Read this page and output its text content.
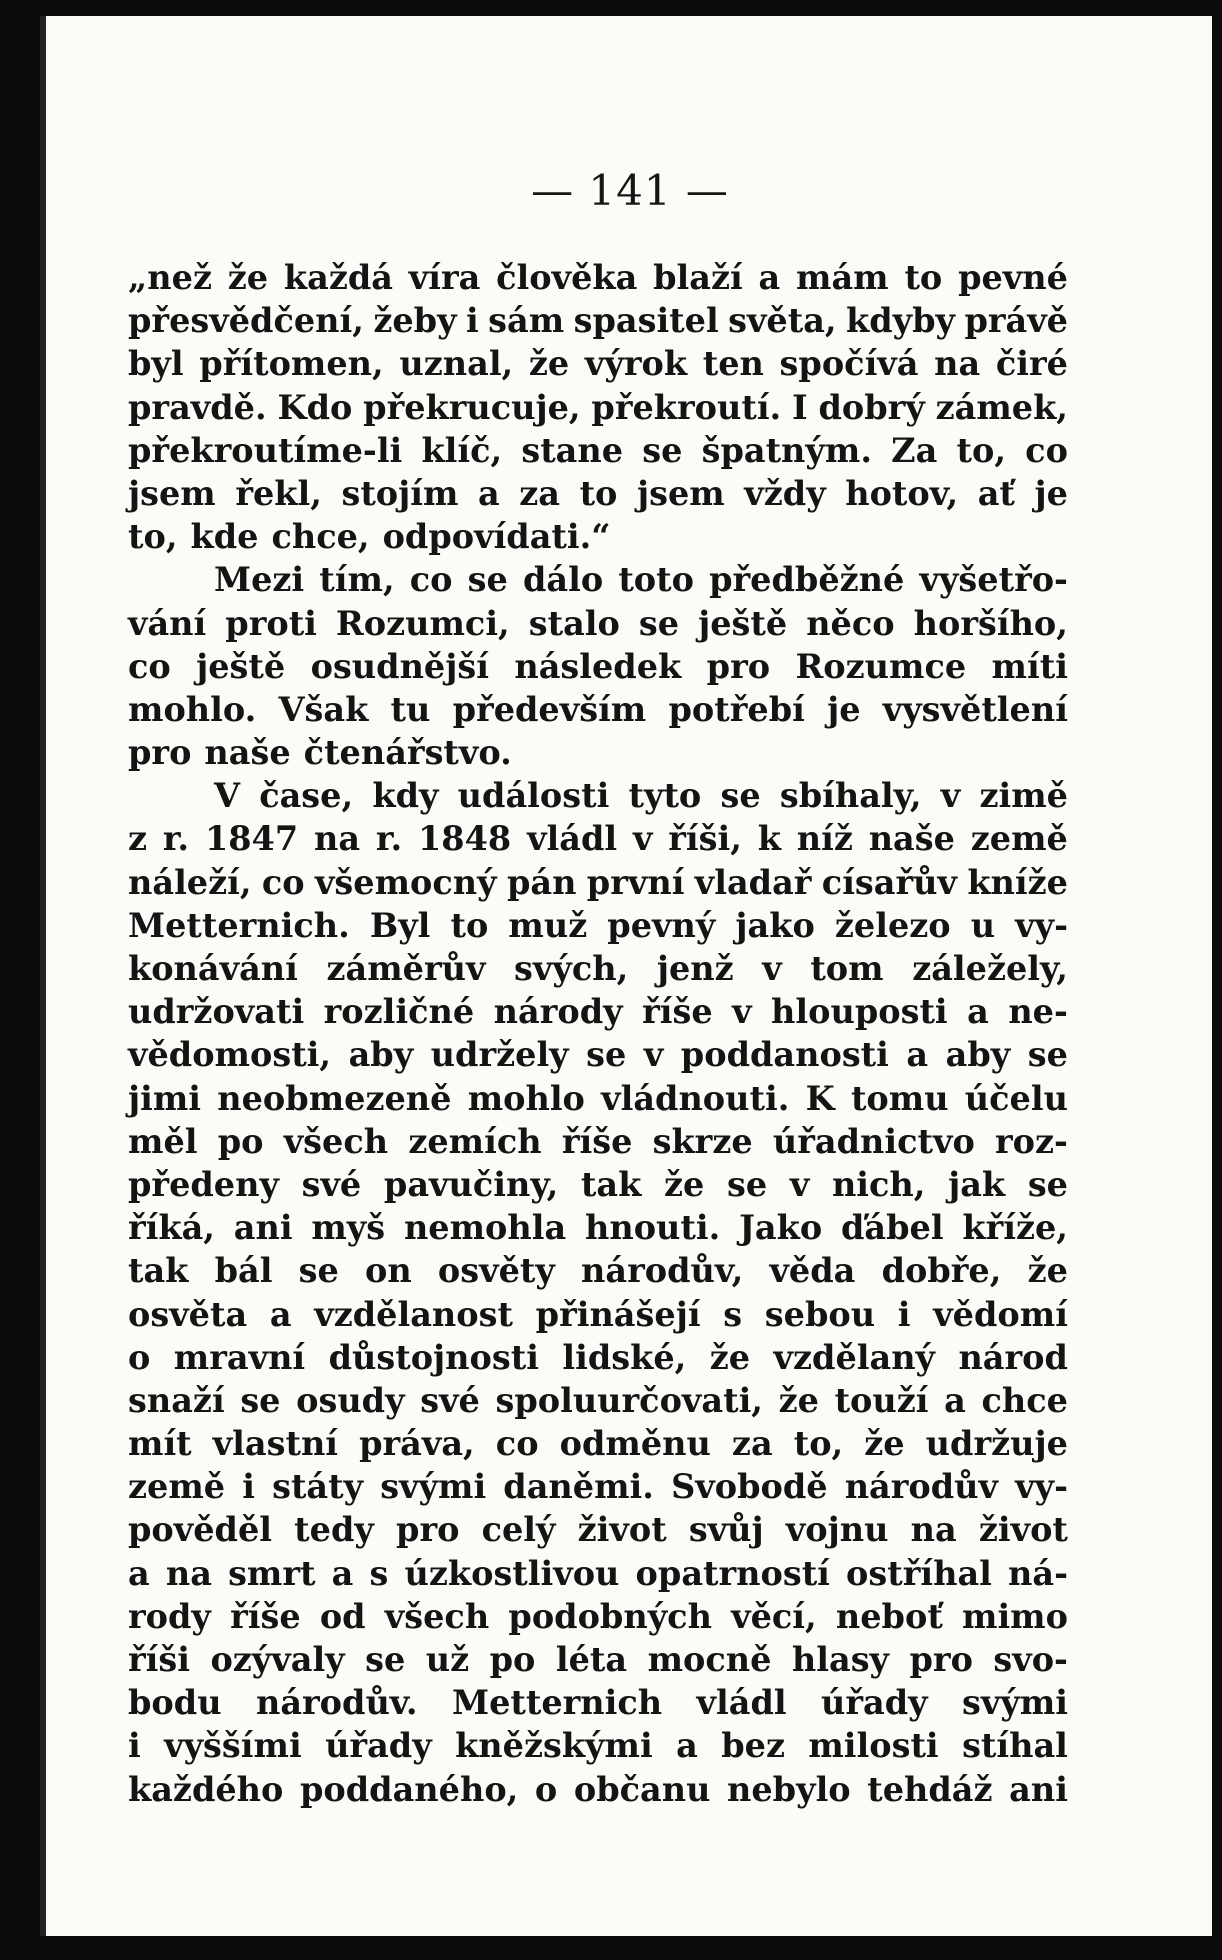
— 141 —
„než že každá víra člověka blaží a mám to pevné
přesvědčení, žeby i sám spasitel světa, kdyby právě
byl přítomen, uznal, že výrok ten spočívá na čiré
pravdě. Kdo překrucuje, překroutí. I dobrý zámek,
překroutíme-li klíč, stane se špatným. Za to, co
jsem řekl, stojím a za to jsem vždy hotov, ať je
to, kde chce, odpovídati.“
Mezi tím, co se dálo toto předběžné vyšetřo-
vání proti Rozumci, stalo se ještě něco horšího,
co ještě osudnější následek pro Rozumce míti
mohlo. Však tu především potřebí je vysvětlení
pro naše čtenářstvo.
V čase, kdy události tyto se sbíhaly, v zimě
z r. 1847 na r. 1848 vládl v říši, k níž naše země
náleží, co všemocný pán první vladař císařův kníže
Metternich. Byl to muž pevný jako železo u vy-
konávání záměrův svých, jenž v tom záležely,
udržovati rozličné národy říše v hlouposti a ne-
vědomosti, aby udržely se v poddanosti a aby se
jimi neobmezeně mohlo vládnouti. K tomu účelu
měl po všech zemích říše skrze úřadnictvo roz-
předeny své pavučiny, tak že se v nich, jak se
říká, ani myš nemohla hnouti. Jako ďábel kříže,
tak bál se on osvěty národův, věda dobře, že
osvěta a vzdělanost přinášejí s sebou i vědomí
o mravní důstojnosti lidské, že vzdělaný národ
snaží se osudy své spoluurčovati, že touží a chce
mít vlastní práva, co odměnu za to, že udržuje
země i státy svými daněmi. Svobodě národův vy-
pověděl tedy pro celý život svůj vojnu na život
a na smrt a s úzkostlivou opatrností ostříhal ná-
rody říše od všech podobných věcí, neboť mimo
říši ozývaly se už po léta mocně hlasy pro svo-
bodu národův. Metternich vládl úřady svými
i vyššími úřady kněžskými a bez milosti stíhal
každého poddaného, o občanu nebylo tehdáž ani
